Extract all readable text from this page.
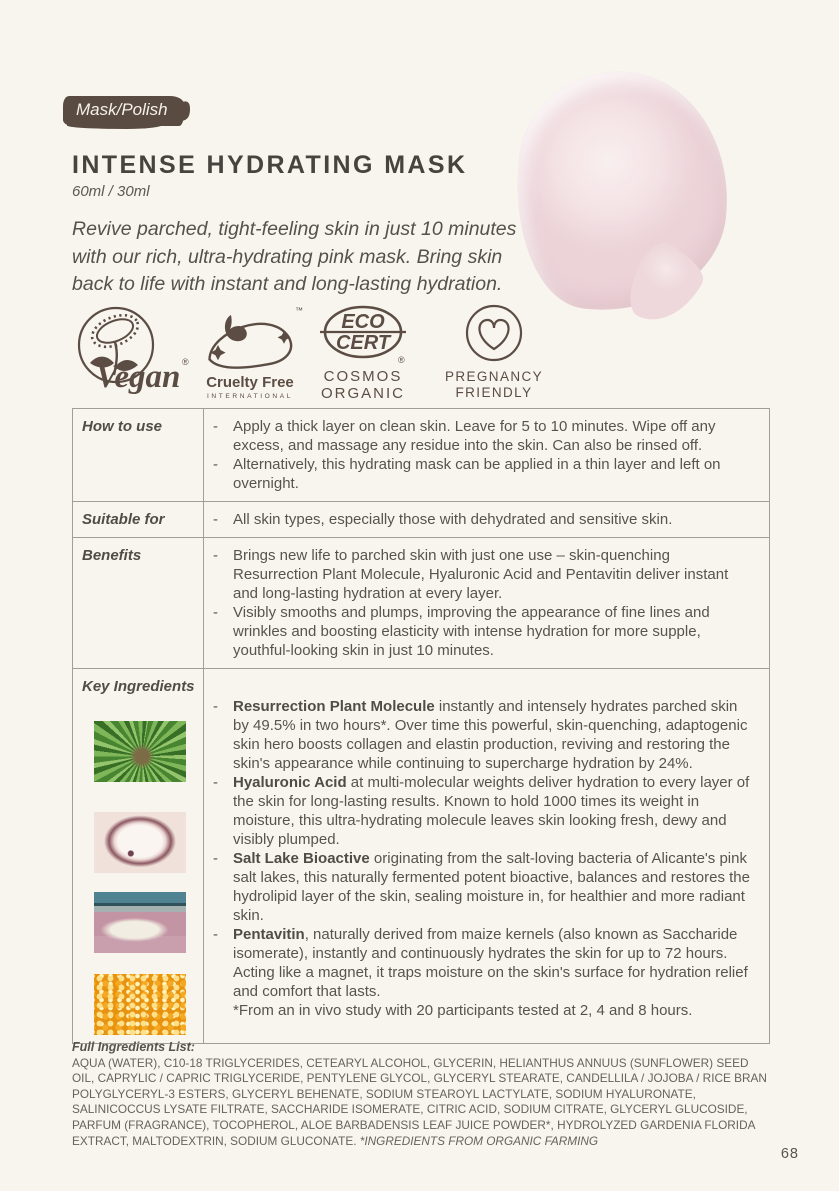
Mask/Polish
INTENSE HYDRATING MASK
60ml / 30ml

Revive parched, tight-feeling skin in just 10 minutes with our rich, ultra-hydrating pink mask. Bring skin back to life with instant and long-lasting hydration.

Vegan ®
™
Cruelty Free
INTERNATIONAL
ECO
CERT
®
COSMOS
ORGANIC
PREGNANCY
FRIENDLY
How to use	- Apply a thick layer on clean skin. Leave for 5 to 10 minutes. Wipe off any excess, and massage any residue into the skin. Can also be rinsed off.
- Alternatively, this hydrating mask can be applied in a thin layer and left on overnight.
Suitable for	- All skin types, especially those with dehydrated and sensitive skin.
Benefits	- Brings new life to parched skin with just one use – skin-quenching Resurrection Plant Molecule, Hyaluronic Acid and Pentavitin deliver instant and long-lasting hydration at every layer.
- Visibly smooths and plumps, improving the appearance of fine lines and wrinkles and boosting elasticity with intense hydration for more supple, youthful-looking skin in just 10 minutes.
Key Ingredients
- Resurrection Plant Molecule instantly and intensely hydrates parched skin by 49.5% in two hours*. Over time this powerful, skin-quenching, adaptogenic skin hero boosts collagen and elastin production, reviving and restoring the skin's appearance while continuing to supercharge hydration by 24%.
- Hyaluronic Acid at multi-molecular weights deliver hydration to every layer of the skin for long-lasting results. Known to hold 1000 times its weight in moisture, this ultra-hydrating molecule leaves skin looking fresh, dewy and visibly plumped.
- Salt Lake Bioactive originating from the salt-loving bacteria of Alicante's pink salt lakes, this naturally fermented potent bioactive, balances and restores the hydrolipid layer of the skin, sealing moisture in, for healthier and more radiant skin.
- Pentavitin, naturally derived from maize kernels (also known as Saccharide isomerate), instantly and continuously hydrates the skin for up to 72 hours. Acting like a magnet, it traps moisture on the skin's surface for hydration relief and comfort that lasts.
*From an in vivo study with 20 participants tested at 2, 4 and 8 hours.
Full Ingredients List:
AQUA (WATER), C10-18 TRIGLYCERIDES, CETEARYL ALCOHOL, GLYCERIN, HELIANTHUS ANNUUS (SUNFLOWER) SEED OIL, CAPRYLIC / CAPRIC TRIGLYCERIDE, PENTYLENE GLYCOL, GLYCERYL STEARATE, CANDELLILA / JOJOBA / RICE BRAN POLYGLYCERYL-3 ESTERS, GLYCERYL BEHENATE, SODIUM STEAROYL LACTYLATE, SODIUM HYALURONATE, SALINICOCCUS LYSATE FILTRATE, SACCHARIDE ISOMERATE, CITRIC ACID, SODIUM CITRATE, GLYCERYL GLUCOSIDE, PARFUM (FRAGRANCE), TOCOPHEROL, ALOE BARBADENSIS LEAF JUICE POWDER*, HYDROLYZED GARDENIA FLORIDA EXTRACT, MALTODEXTRIN, SODIUM GLUCONATE. *INGREDIENTS FROM ORGANIC FARMING
68
